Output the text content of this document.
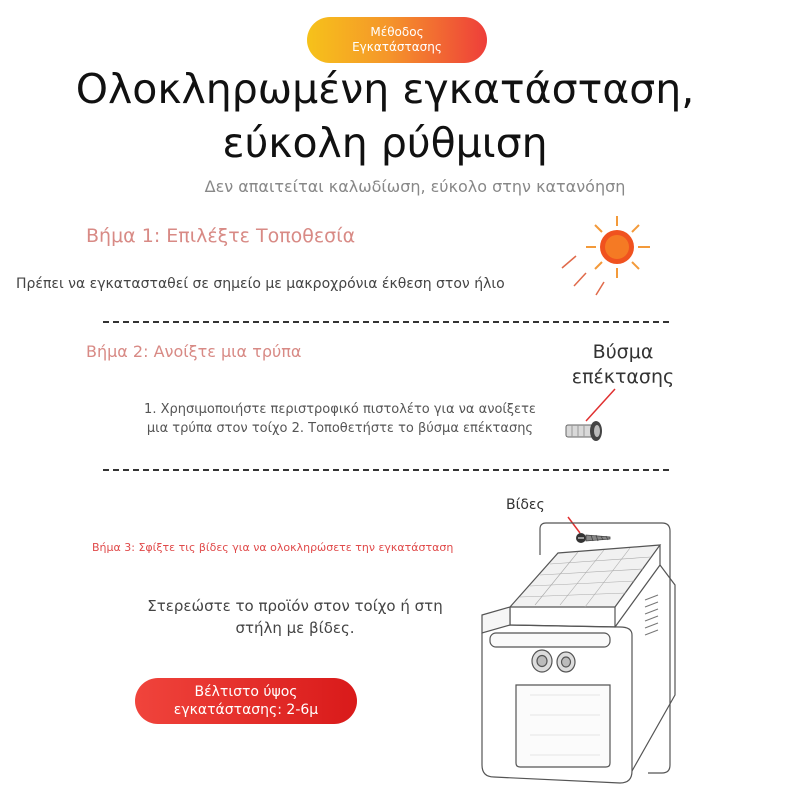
Μέθοδος
Εγκατάστασης
Ολοκληρωμένη εγκατάσταση,
εύκολη ρύθμιση
Δεν απαιτείται καλωδίωση, εύκολο στην κατανόηση
Βήμα 1: Επιλέξτε Τοποθεσία
Πρέπει να εγκατασταθεί σε σημείο με μακροχρόνια έκθεση στον ήλιο
Βήμα 2: Ανοίξτε μια τρύπα	Βύσμα
επέκτασης
1. Χρησιμοποιήστε περιστροφικό πιστολέτο για να ανοίξετε
μια τρύπα στον τοίχο 2. Τοποθετήστε το βύσμα επέκτασης
Βίδες
Βήμα 3: Σφίξτε τις βίδες για να ολοκληρώσετε την εγκατάσταση
Στερεώστε το προϊόν στον τοίχο ή στη
στήλη με βίδες.
Βέλτιστο ύψος
εγκατάστασης: 2-6μ
